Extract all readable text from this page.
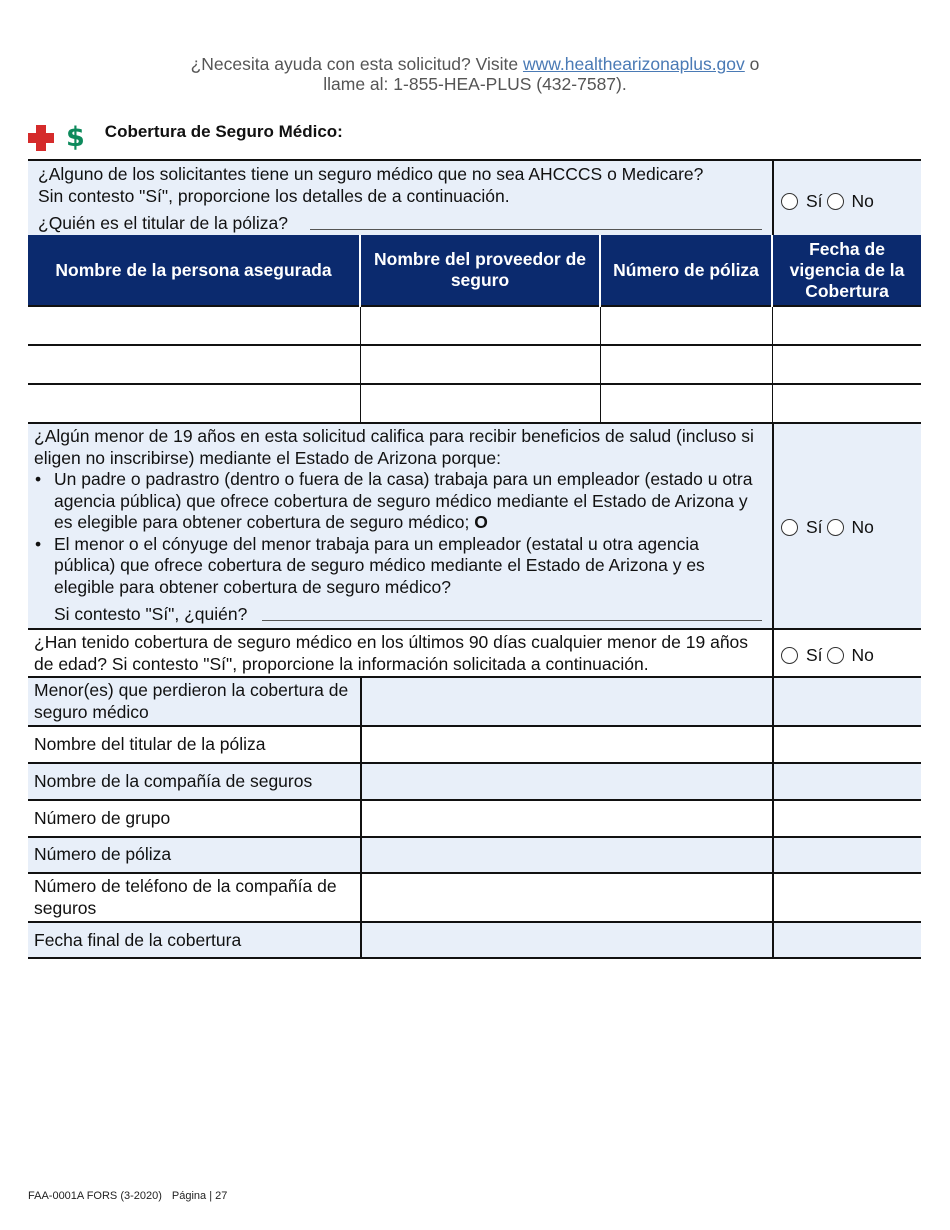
¿Necesita ayuda con esta solicitud? Visite www.healthearizonaplus.gov o
llame al: 1-855-HEA-PLUS (432-7587).
$ Cobertura de Seguro Médico:
¿Alguno de los solicitantes tiene un seguro médico que no sea AHCCCS o Medicare?
Sin contesto "Sí", proporcione los detalles de a continuación.
¿Quién es el titular de la póliza?
Sí No
Nombre de la persona asegurada	Nombre del proveedor de seguro	Número de póliza	Fecha de vigencia de la Cobertura

¿Algún menor de 19 años en esta solicitud califica para recibir beneficios de salud (incluso si eligen no inscribirse) mediante el Estado de Arizona porque:
• Un padre o padrastro (dentro o fuera de la casa) trabaja para un empleador (estado u otra agencia pública) que ofrece cobertura de seguro médico mediante el Estado de Arizona y es elegible para obtener cobertura de seguro médico; O
• El menor o el cónyuge del menor trabaja para un empleador (estatal u otra agencia pública) que ofrece cobertura de seguro médico mediante el Estado de Arizona y es elegible para obtener cobertura de seguro médico?
Si contesto "Sí", ¿quién?
Sí No
¿Han tenido cobertura de seguro médico en los últimos 90 días cualquier menor de 19 años de edad? Si contesto "Sí", proporcione la información solicitada a continuación.	Sí No
Menor(es) que perdieron la cobertura de seguro médico
Nombre del titular de la póliza
Nombre de la compañía de seguros
Número de grupo
Número de póliza
Número de teléfono de la compañía de seguros
Fecha final de la cobertura
FAA-0001A FORS (3-2020) Página | 27
